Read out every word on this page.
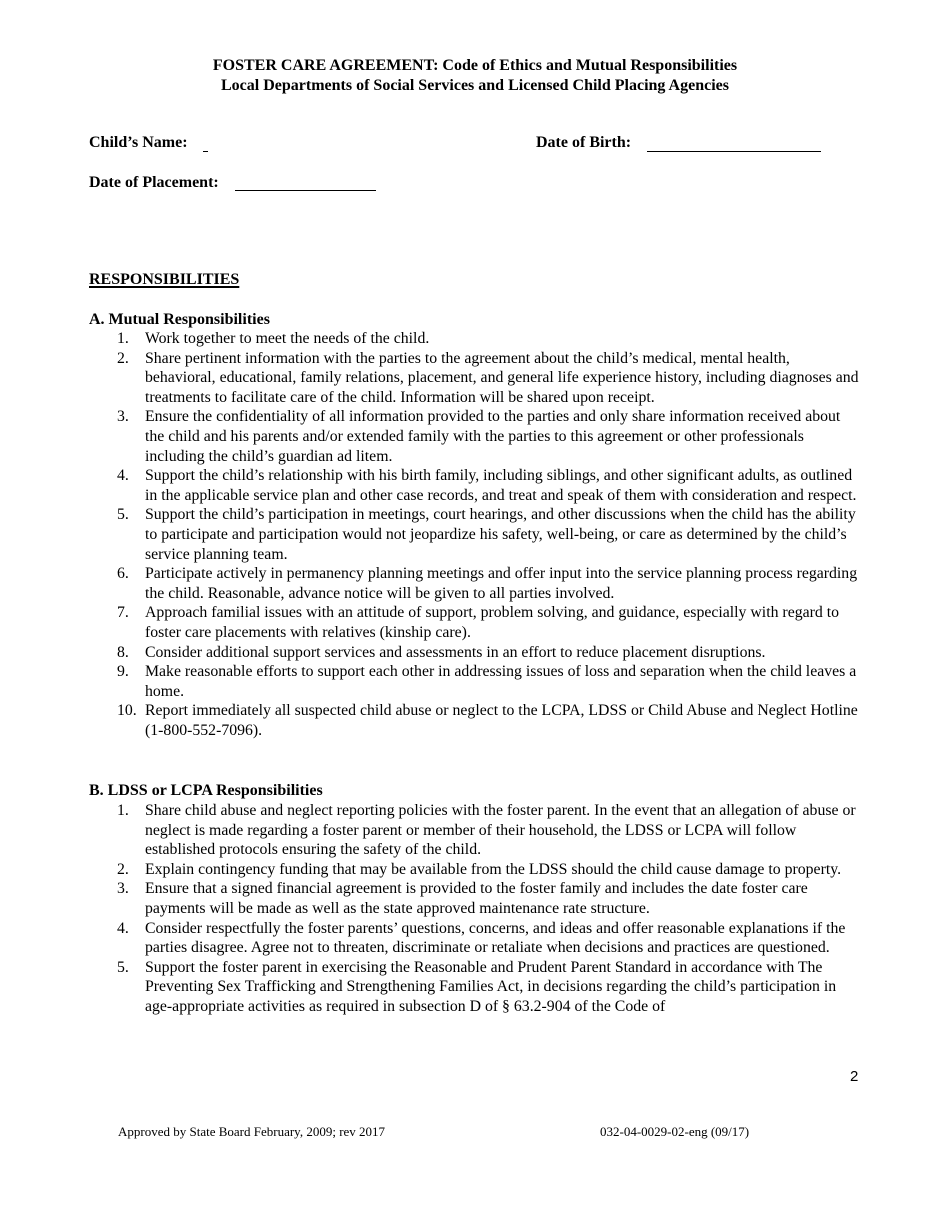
FOSTER CARE AGREEMENT: Code of Ethics and Mutual Responsibilities
Local Departments of Social Services and Licensed Child Placing Agencies
Child’s Name:	Date of Birth:
Date of Placement:
RESPONSIBILITIES
A. Mutual Responsibilities
1.	Work together to meet the needs of the child.
2.	Share pertinent information with the parties to the agreement about the child’s medical, mental health, behavioral, educational, family relations, placement, and general life experience history, including diagnoses and treatments to facilitate care of the child. Information will be shared upon receipt.
3.	Ensure the confidentiality of all information provided to the parties and only share information received about the child and his parents and/or extended family with the parties to this agreement or other professionals including the child’s guardian ad litem.
4.	Support the child’s relationship with his birth family, including siblings, and other significant adults, as outlined in the applicable service plan and other case records, and treat and speak of them with consideration and respect.
5.	Support the child’s participation in meetings, court hearings, and other discussions when the child has the ability to participate and participation would not jeopardize his safety, well-being, or care as determined by the child’s service planning team.
6.	Participate actively in permanency planning meetings and offer input into the service planning process regarding the child. Reasonable, advance notice will be given to all parties involved.
7.	Approach familial issues with an attitude of support, problem solving, and guidance, especially with regard to foster care placements with relatives (kinship care).
8.	Consider additional support services and assessments in an effort to reduce placement disruptions.
9.	Make reasonable efforts to support each other in addressing issues of loss and separation when the child leaves a home.
10. Report immediately all suspected child abuse or neglect to the LCPA, LDSS or Child Abuse and Neglect Hotline (1-800-552-7096).
B. LDSS or LCPA Responsibilities
1.	Share child abuse and neglect reporting policies with the foster parent. In the event that an allegation of abuse or neglect is made regarding a foster parent or member of their household, the LDSS or LCPA will follow established protocols ensuring the safety of the child.
2.	Explain contingency funding that may be available from the LDSS should the child cause damage to property.
3.	Ensure that a signed financial agreement is provided to the foster family and includes the date foster care payments will be made as well as the state approved maintenance rate structure.
4.	Consider respectfully the foster parents’ questions, concerns, and ideas and offer reasonable explanations if the parties disagree. Agree not to threaten, discriminate or retaliate when decisions and practices are questioned.
5.	Support the foster parent in exercising the Reasonable and Prudent Parent Standard in accordance with The Preventing Sex Trafficking and Strengthening Families Act, in decisions regarding the child’s participation in age-appropriate activities as required in subsection D of § 63.2-904 of the Code of
2
Approved by State Board February, 2009; rev 2017	032-04-0029-02-eng (09/17)
